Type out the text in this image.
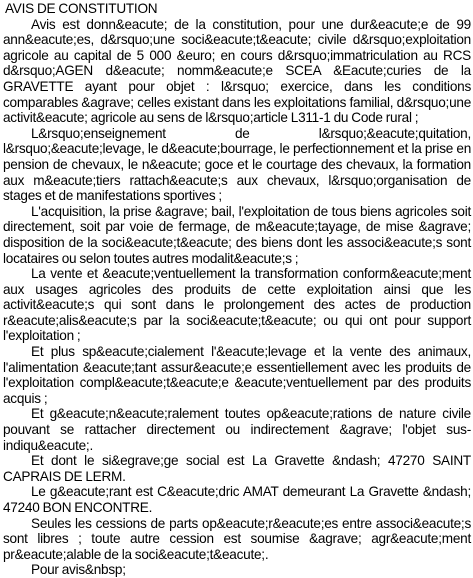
AVIS DE CONSTITUTION

Avis est donn&eacute; de la constitution, pour une dur&eacute;e de 99 ann&eacute;es, d&rsquo;une soci&eacute;t&eacute; civile d&rsquo;exploitation agricole au capital de 5 000 &euro; en cours d&rsquo;immatriculation au RCS d&rsquo;AGEN d&eacute; nomm&eacute;e SCEA &Eacute;curies de la GRAVETTE ayant pour objet : l&rsquo; exercice, dans les conditions comparables &agrave; celles existant dans les exploitations familial, d&rsquo;une activit&eacute; agricole au sens de l&rsquo;article L311-1 du Code rural ;

L&rsquo;enseignement de l&rsquo;&eacute;quitation, l&rsquo;&eacute;levage, le d&eacute;bourrage, le perfectionnement et la prise en pension de chevaux, le n&eacute; goce et le courtage des chevaux, la formation aux m&eacute;tiers rattach&eacute;s aux chevaux, l&rsquo;organisation de stages et de manifestations sportives ;

L'acquisition, la prise &agrave; bail, l'exploitation de tous biens agricoles soit directement, soit par voie de fermage, de m&eacute;tayage, de mise &agrave; disposition de la soci&eacute;t&eacute; des biens dont les associ&eacute;s sont locataires ou selon toutes autres modalit&eacute;s ;

La vente et &eacute;ventuellement la transformation conform&eacute;ment aux usages agricoles des produits de cette exploitation ainsi que les activit&eacute;s qui sont dans le prolongement des actes de production r&eacute;alis&eacute;s par la soci&eacute;t&eacute; ou qui ont pour support l'exploitation ;

Et plus sp&eacute;cialement l'&eacute;levage et la vente des animaux, l'alimentation &eacute;tant assur&eacute;e essentiellement avec les produits de l'exploitation compl&eacute;t&eacute;e &eacute;ventuellement par des produits acquis ;

Et g&eacute;n&eacute;ralement toutes op&eacute;rations de nature civile pouvant se rattacher directement ou indirectement &agrave; l'objet sus-indiqu&eacute;.

Et dont le si&egrave;ge social est La Gravette &ndash; 47270 SAINT CAPRAIS DE LERM.

Le g&eacute;rant est C&eacute;dric AMAT demeurant La Gravette &ndash; 47240 BON ENCONTRE.

Seules les cessions de parts op&eacute;r&eacute;es entre associ&eacute;s sont libres ; toute autre cession est soumise &agrave; agr&eacute;ment pr&eacute;alable de la soci&eacute;t&eacute;.

Pour avis&nbsp;
